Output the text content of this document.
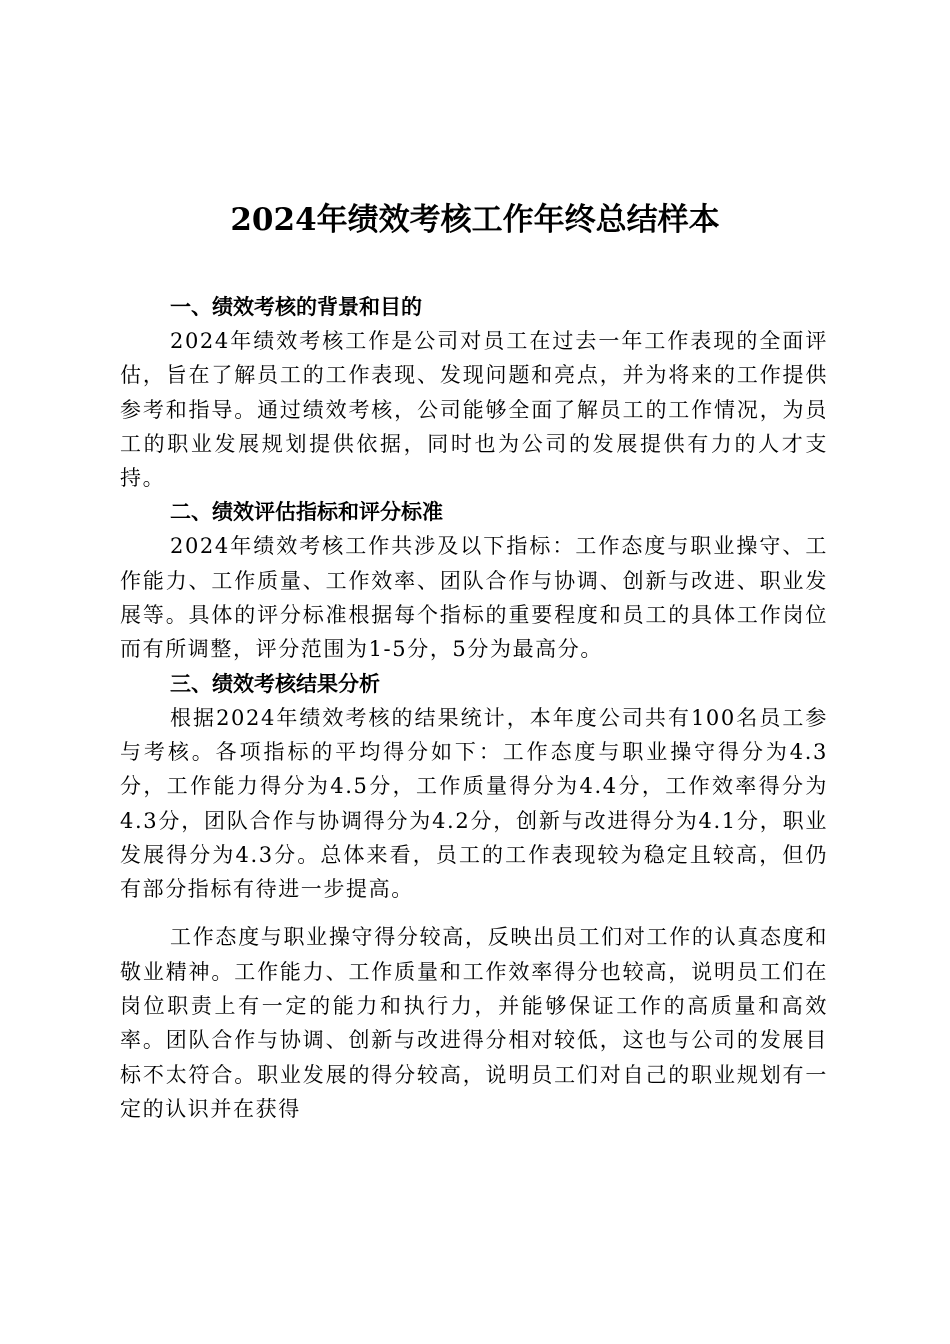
2024年绩效考核工作年终总结样本
一、绩效考核的背景和目的

2024年绩效考核工作是公司对员工在过去一年工作表现的全面评估，旨在了解员工的工作表现、发现问题和亮点，并为将来的工作提供参考和指导。通过绩效考核，公司能够全面了解员工的工作情况，为员工的职业发展规划提供依据，同时也为公司的发展提供有力的人才支持。

二、绩效评估指标和评分标准

2024年绩效考核工作共涉及以下指标：工作态度与职业操守、工作能力、工作质量、工作效率、团队合作与协调、创新与改进、职业发展等。具体的评分标准根据每个指标的重要程度和员工的具体工作岗位而有所调整，评分范围为1-5分，5分为最高分。

三、绩效考核结果分析

根据2024年绩效考核的结果统计，本年度公司共有100名员工参与考核。各项指标的平均得分如下：工作态度与职业操守得分为4.3分，工作能力得分为4.5分，工作质量得分为4.4分，工作效率得分为4.3分，团队合作与协调得分为4.2分，创新与改进得分为4.1分，职业发展得分为4.3分。总体来看，员工的工作表现较为稳定且较高，但仍有部分指标有待进一步提高。

工作态度与职业操守得分较高，反映出员工们对工作的认真态度和敬业精神。工作能力、工作质量和工作效率得分也较高，说明员工们在岗位职责上有一定的能力和执行力，并能够保证工作的高质量和高效率。团队合作与协调、创新与改进得分相对较低，这也与公司的发展目标不太符合。职业发展的得分较高，说明员工们对自己的职业规划有一定的认识并在获得
